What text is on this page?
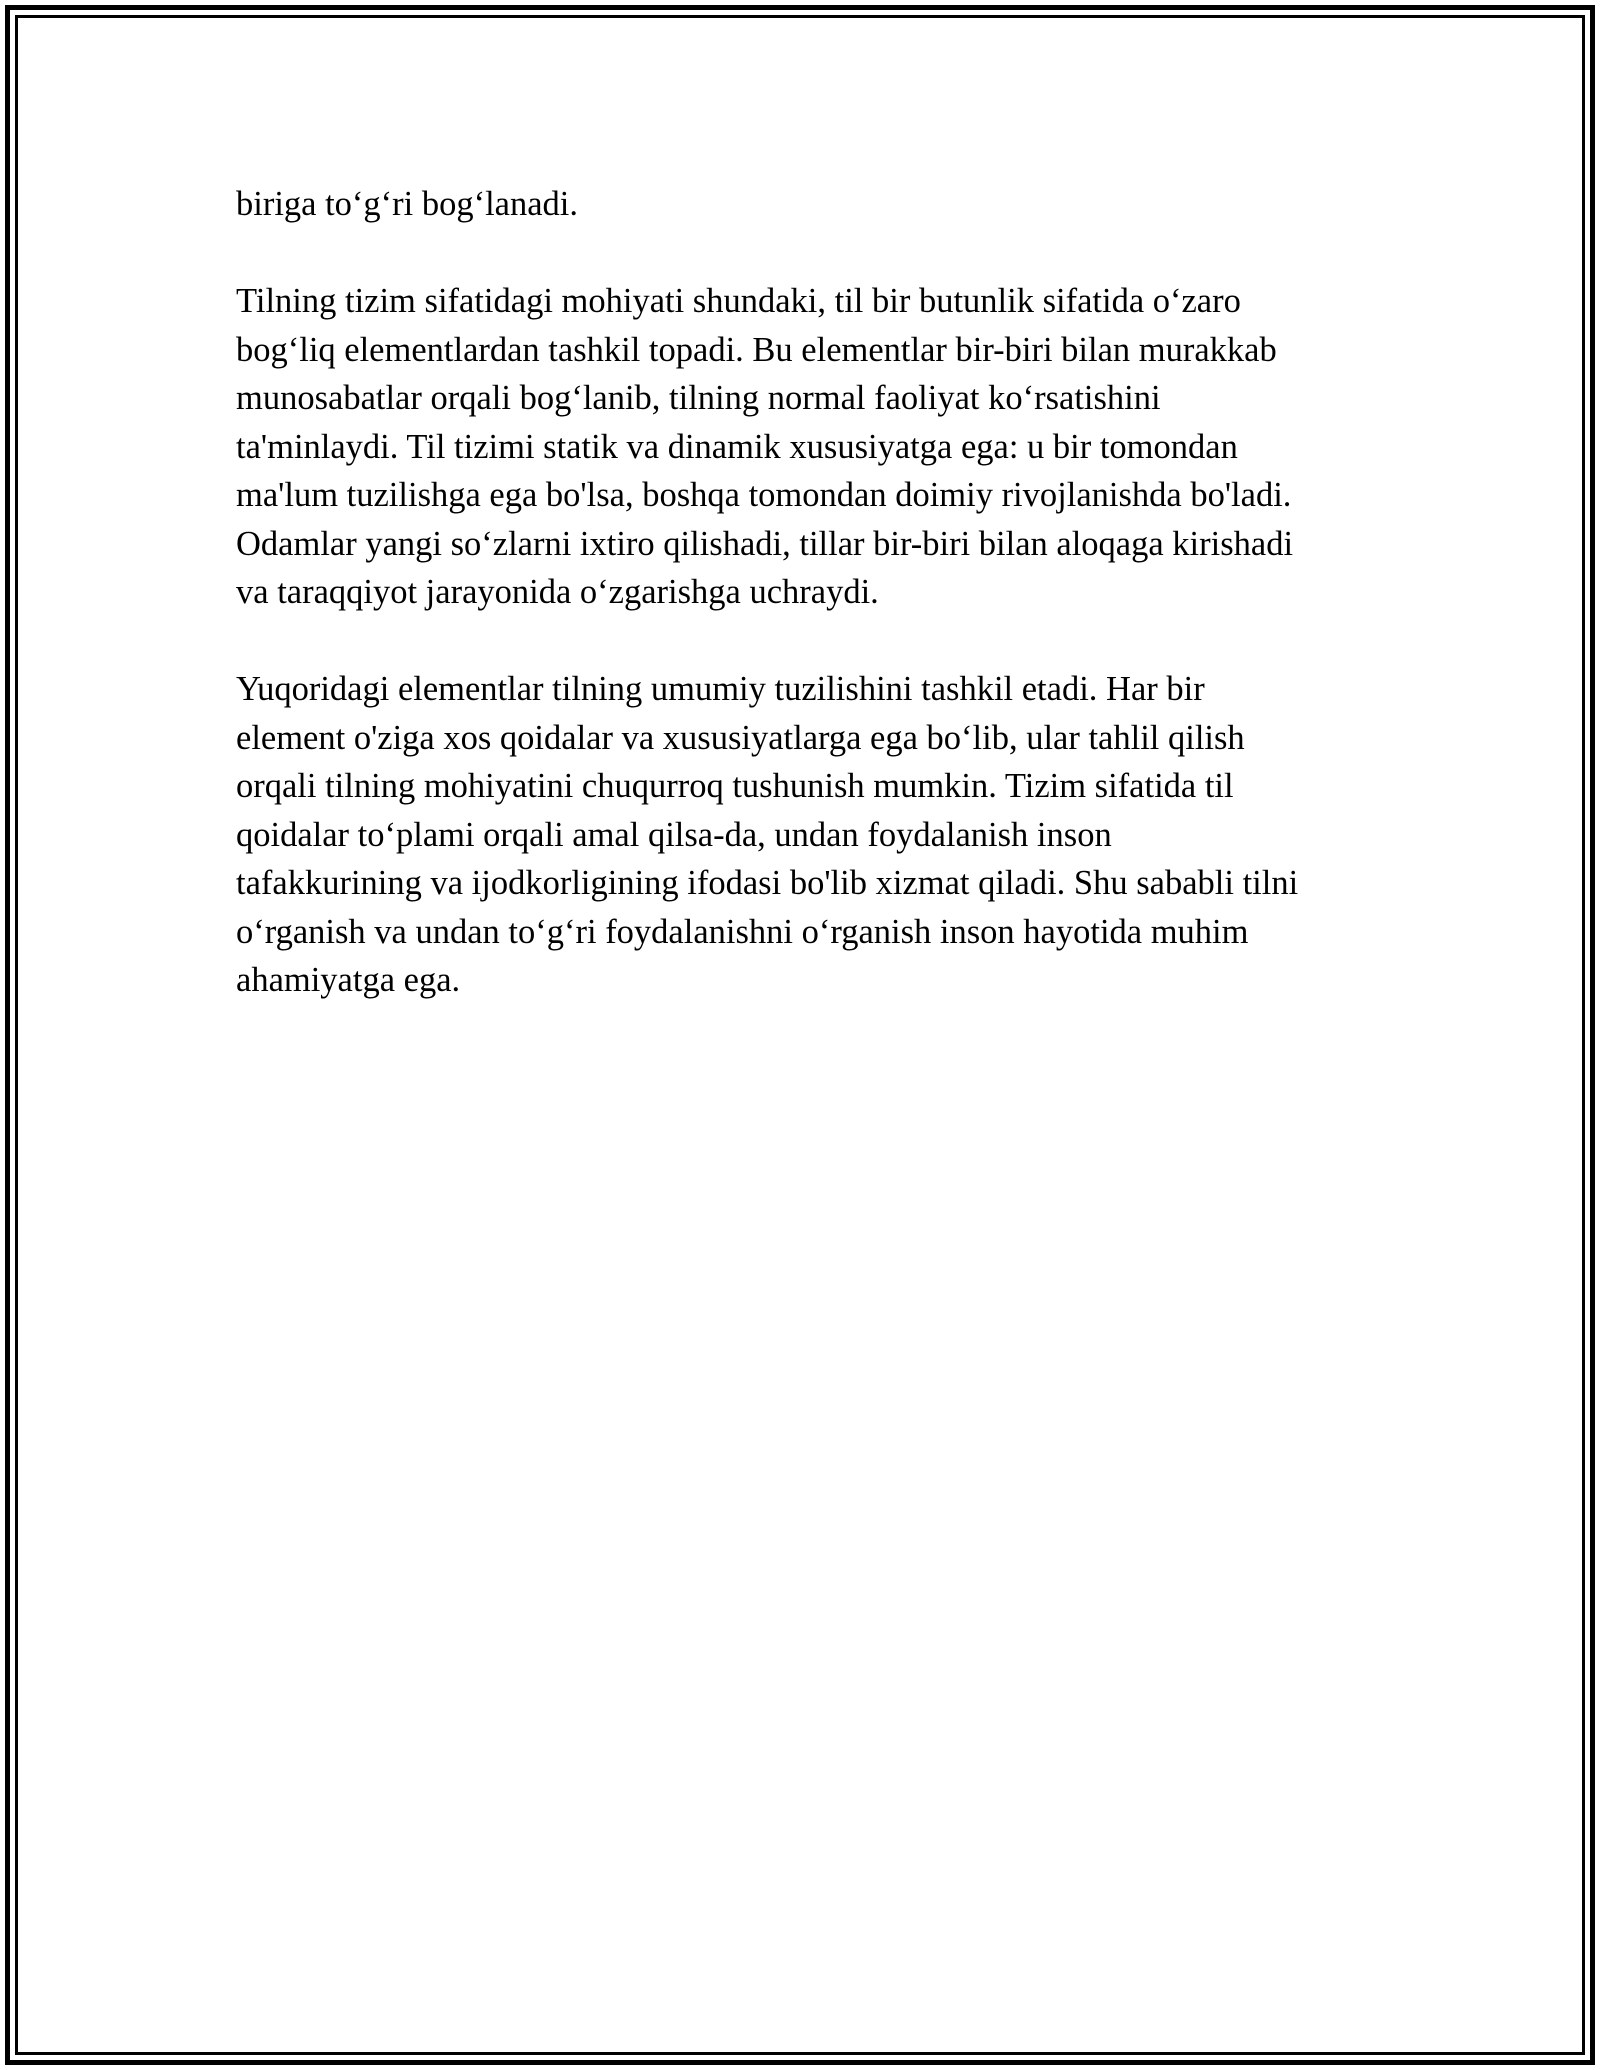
biriga to‘g‘ri bog‘lanadi.
Tilning tizim sifatidagi mohiyati shundaki, til bir butunlik sifatida o‘zaro
bog‘liq elementlardan tashkil topadi. Bu elementlar bir-biri bilan murakkab
munosabatlar orqali bog‘lanib, tilning normal faoliyat ko‘rsatishini
ta'minlaydi. Til tizimi statik va dinamik xususiyatga ega: u bir tomondan
ma'lum tuzilishga ega bo'lsa, boshqa tomondan doimiy rivojlanishda bo'ladi.
Odamlar yangi so‘zlarni ixtiro qilishadi, tillar bir-biri bilan aloqaga kirishadi
va taraqqiyot jarayonida o‘zgarishga uchraydi.
Yuqoridagi elementlar tilning umumiy tuzilishini tashkil etadi. Har bir
element o'ziga xos qoidalar va xususiyatlarga ega bo‘lib, ular tahlil qilish
orqali tilning mohiyatini chuqurroq tushunish mumkin. Tizim sifatida til
qoidalar to‘plami orqali amal qilsa-da, undan foydalanish inson
tafakkurining va ijodkorligining ifodasi bo'lib xizmat qiladi. Shu sababli tilni
o‘rganish va undan to‘g‘ri foydalanishni o‘rganish inson hayotida muhim
ahamiyatga ega.
